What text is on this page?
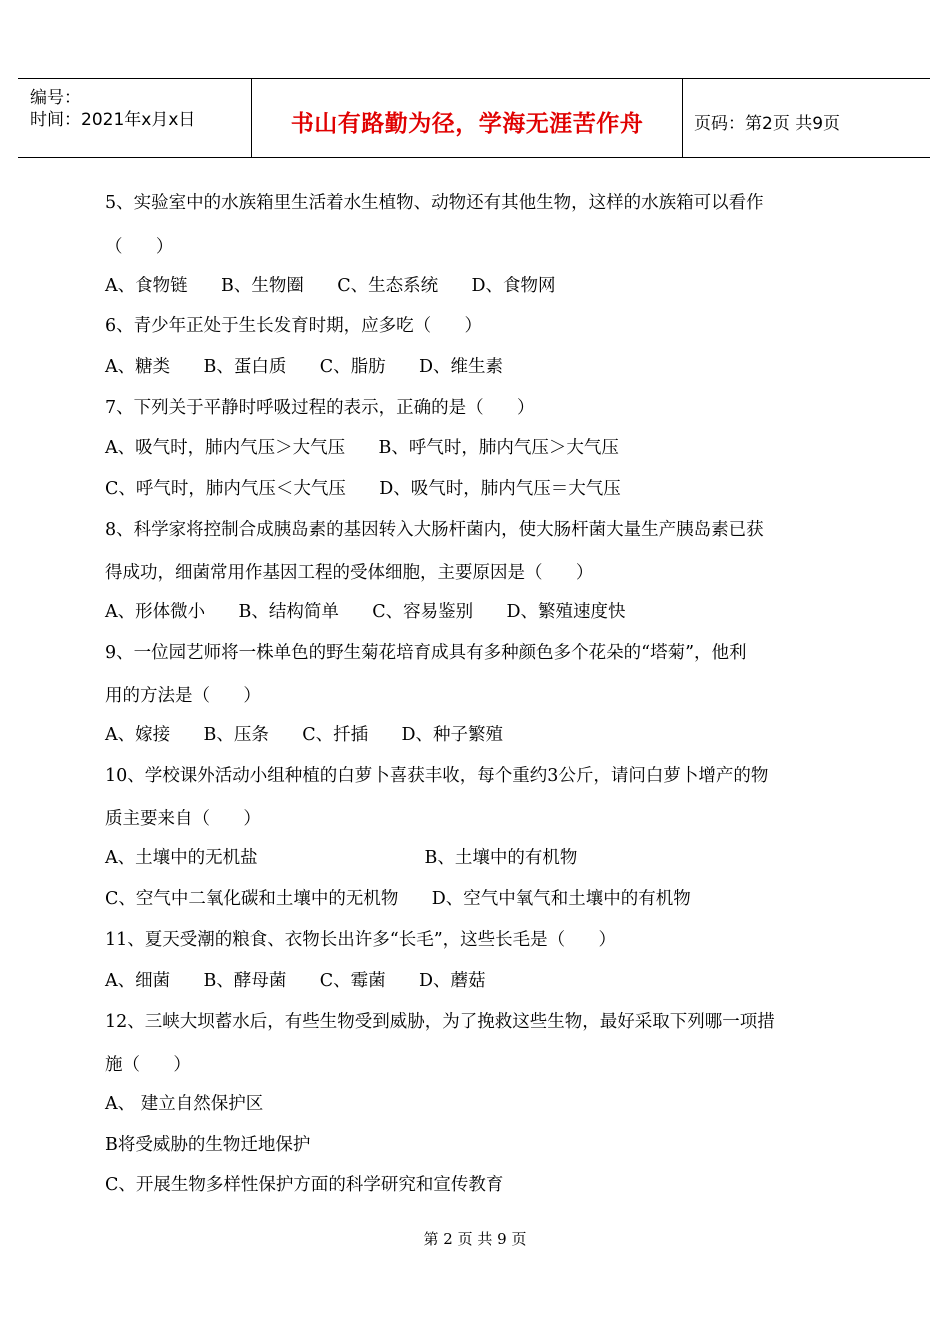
编号：
时间：2021年x月x日	书山有路勤为径，学海无涯苦作舟	页码：第2页 共9页
5、实验室中的水族箱里生活着水生植物、动物还有其他生物，这样的水族箱可以看作
（      ）
A、食物链      B、生物圈      C、生态系统      D、食物网
6、青少年正处于生长发育时期，应多吃（      ）
A、糖类      B、蛋白质      C、脂肪      D、维生素
7、下列关于平静时呼吸过程的表示，正确的是（      ）
A、吸气时，肺内气压＞大气压      B、呼气时，肺内气压＞大气压
C、呼气时，肺内气压＜大气压      D、吸气时，肺内气压＝大气压
8、科学家将控制合成胰岛素的基因转入大肠杆菌内，使大肠杆菌大量生产胰岛素已获
得成功，细菌常用作基因工程的受体细胞，主要原因是（      ）
A、形体微小      B、结构简单      C、容易鉴别      D、繁殖速度快
9、一位园艺师将一株单色的野生菊花培育成具有多种颜色多个花朵的“塔菊”，他利
用的方法是（      ）
A、嫁接      B、压条      C、扦插      D、种子繁殖
10、学校课外活动小组种植的白萝卜喜获丰收，每个重约3公斤，请问白萝卜增产的物
质主要来自（      ）
A、土壤中的无机盐                              B、土壤中的有机物
C、空气中二氧化碳和土壤中的无机物      D、空气中氧气和土壤中的有机物
11、夏天受潮的粮食、衣物长出许多“长毛”，这些长毛是（      ）
A、细菌      B、酵母菌      C、霉菌      D、蘑菇
12、三峡大坝蓄水后，有些生物受到威胁，为了挽救这些生物，最好采取下列哪一项措
施（      ）
A、 建立自然保护区
B将受威胁的生物迁地保护
C、开展生物多样性保护方面的科学研究和宣传教育
第 2 页 共 9 页
